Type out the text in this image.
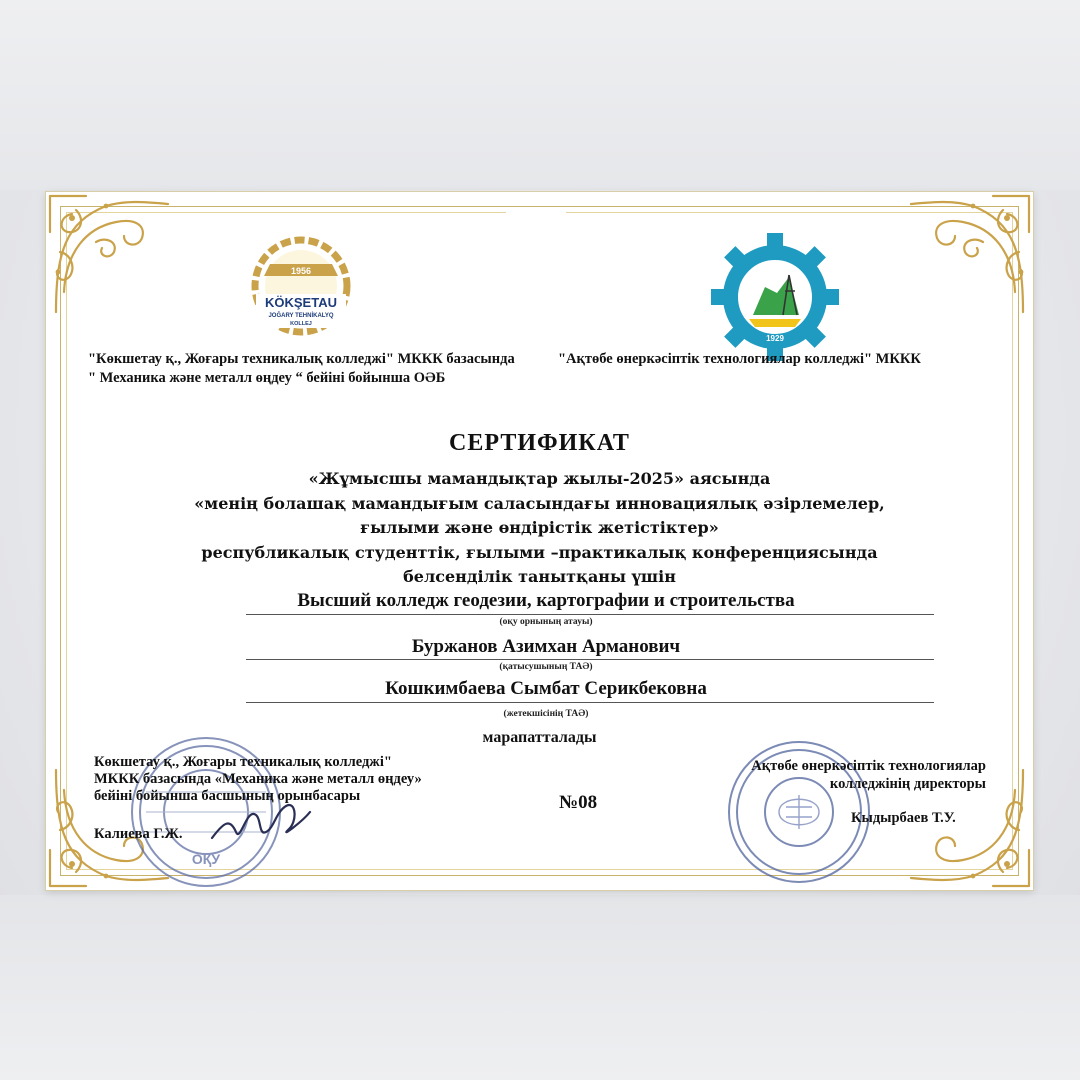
1956
KÖKŞETAU
JOĞARY TEHNİKALYQ
KOLLEJ
1929
"Көкшетау қ., Жоғары техникалық колледжі" МККК базасында " Механика және металл өңдеу “ бейіні бойынша ОӘБ
"Ақтөбе өнеркәсіптік технологиялар колледжі" МККК
СЕРТИФИКАТ
«Жұмысшы мамандықтар жылы-2025» аясында
«менің болашақ мамандығым саласындағы инновациялық әзірлемелер,
ғылыми және өндірістік жетістіктер»
республикалық студенттік, ғылыми –практикалық конференциясында
белсенділік танытқаны үшін
Высший колледж геодезии, картографии и строительства
(оқу орнының атауы)
Буржанов Азимхан Арманович
(қатысушының ТАӘ)
Кошкимбаева Сымбат Серикбековна
(жетекшісінің ТАӘ)
марапатталады
ОҚУ
Көкшетау қ., Жоғары техникалық колледжі"
МККК базасында «Механика және металл өңдеу»
бейіні бойынша басшының орынбасары
Калиева Г.Ж.
№08
Ақтөбе өнеркәсіптік технологиялар
колледжінің директоры
Кыдырбаев Т.У.
